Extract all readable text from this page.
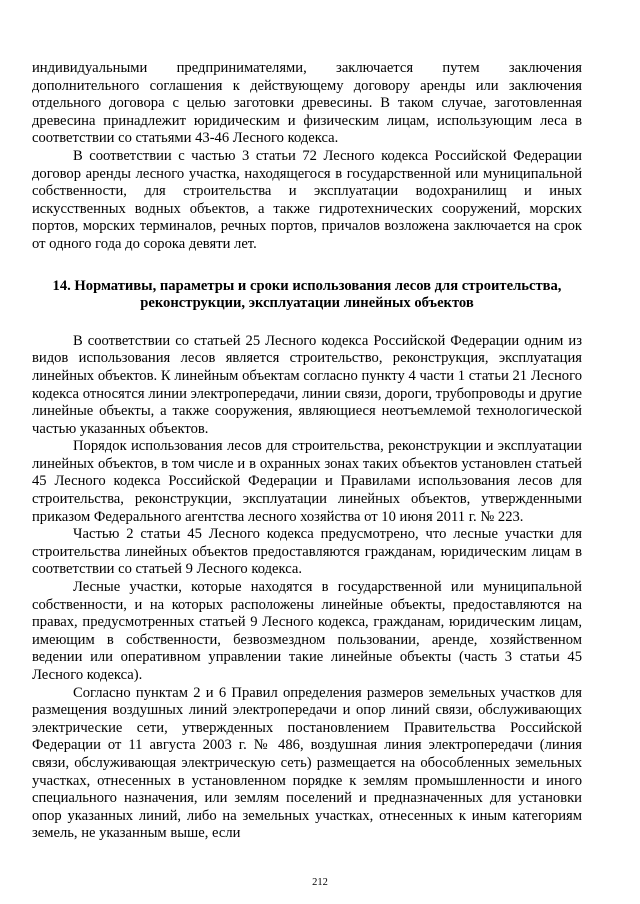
индивидуальными предпринимателями, заключается путем заключения дополнительного соглашения к действующему договору аренды или заключения отдельного договора с целью заготовки древесины. В таком случае, заготовленная древесина принадлежит юридическим и физическим лицам, использующим леса в соответствии со статьями 43-46 Лесного кодекса.

В соответствии с частью 3 статьи 72 Лесного кодекса Российской Федерации договор аренды лесного участка, находящегося в государственной или муниципальной собственности, для строительства и эксплуатации водохранилищ и иных искусственных водных объектов, а также гидротехнических сооружений, морских портов, морских терминалов, речных портов, причалов возложена заключается на срок от одного года до сорока девяти лет.

14. Нормативы, параметры и сроки использования лесов для строительства, реконструкции, эксплуатации линейных объектов

В соответствии со статьей 25 Лесного кодекса Российской Федерации одним из видов использования лесов является строительство, реконструкция, эксплуатация линейных объектов. К линейным объектам согласно пункту 4 части 1 статьи 21 Лесного кодекса относятся линии электропередачи, линии связи, дороги, трубопроводы и другие линейные объекты, а также сооружения, являющиеся неотъемлемой технологической частью указанных объектов.

Порядок использования лесов для строительства, реконструкции и эксплуатации линейных объектов, в том числе и в охранных зонах таких объектов установлен статьей 45 Лесного кодекса Российской Федерации и Правилами использования лесов для строительства, реконструкции, эксплуатации линейных объектов, утвержденными приказом Федерального агентства лесного хозяйства от 10 июня 2011 г. № 223.

Частью 2 статьи 45 Лесного кодекса предусмотрено, что лесные участки для строительства линейных объектов предоставляются гражданам, юридическим лицам в соответствии со статьей 9 Лесного кодекса.

Лесные участки, которые находятся в государственной или муниципальной собственности, и на которых расположены линейные объекты, предоставляются на правах, предусмотренных статьей 9 Лесного кодекса, гражданам, юридическим лицам, имеющим в собственности, безвозмездном пользовании, аренде, хозяйственном ведении или оперативном управлении такие линейные объекты (часть 3 статьи 45 Лесного кодекса).

Согласно пунктам 2 и 6 Правил определения размеров земельных участков для размещения воздушных линий электропередачи и опор линий связи, обслуживающих электрические сети, утвержденных постановлением Правительства Российской Федерации от 11 августа 2003 г. № 486, воздушная линия электропередачи (линия связи, обслуживающая электрическую сеть) размещается на обособленных земельных участках, отнесенных в установленном порядке к землям промышленности и иного специального назначения, или землям поселений и предназначенных для установки опор указанных линий, либо на земельных участках, отнесенных к иным категориям земель, не указанным выше, если

212
